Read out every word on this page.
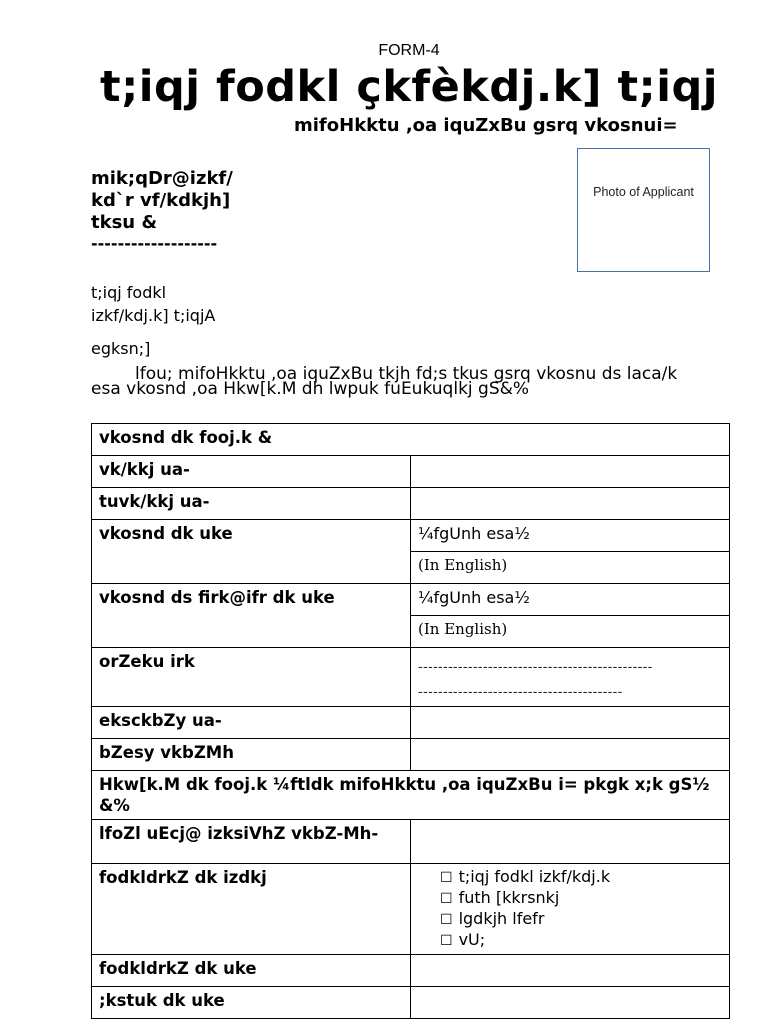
FORM-4
t;iqj fodkl çkfèkdj.k] t;iqj
mifoHkktu ,oa iquZxBu gsrq vkosnui=
Photo of Applicant
mik;qDr@izkf/
kd`r vf/kdkjh]
tksu &
-------------------
t;iqj fodkl
izkf/kdj.k] t;iqjA
egksn;]
lfou; mifoHkktu ,oa iquZxBu tkjh fd;s tkus gsrq vkosnu ds laca/k
esa vkosnd ,oa Hkw[k.M dh lwpuk fuEukuqlkj gS&%
vkosnd dk fooj.k &	
vk/kkj ua-	
tuvk/kkj ua-	
vkosnd dk uke	¼fgUnh esa½
	(In English)
vkosnd ds firk@ifr dk uke	¼fgUnh esa½
	(In English)
orZeku irk	-----------------------------------------------
-----------------------------------------

eksckbZy ua-	
bZesy vkbZMh	
Hkw[k.M dk fooj.k ¼ftldk mifoHkktu ,oa iquZxBu i= pkgk x;k gS½ &%	
lfoZl uEcj@ izksiVhZ vkbZ-Mh-	
fodkldrkZ dk izdkj	☐ t;iqj fodkl izkf/kdj.k
☐ futh [kkrsnkj
☐ lgdkjh lfefr
☐ vU;

fodkldrkZ dk uke	
;kstuk dk uke	
